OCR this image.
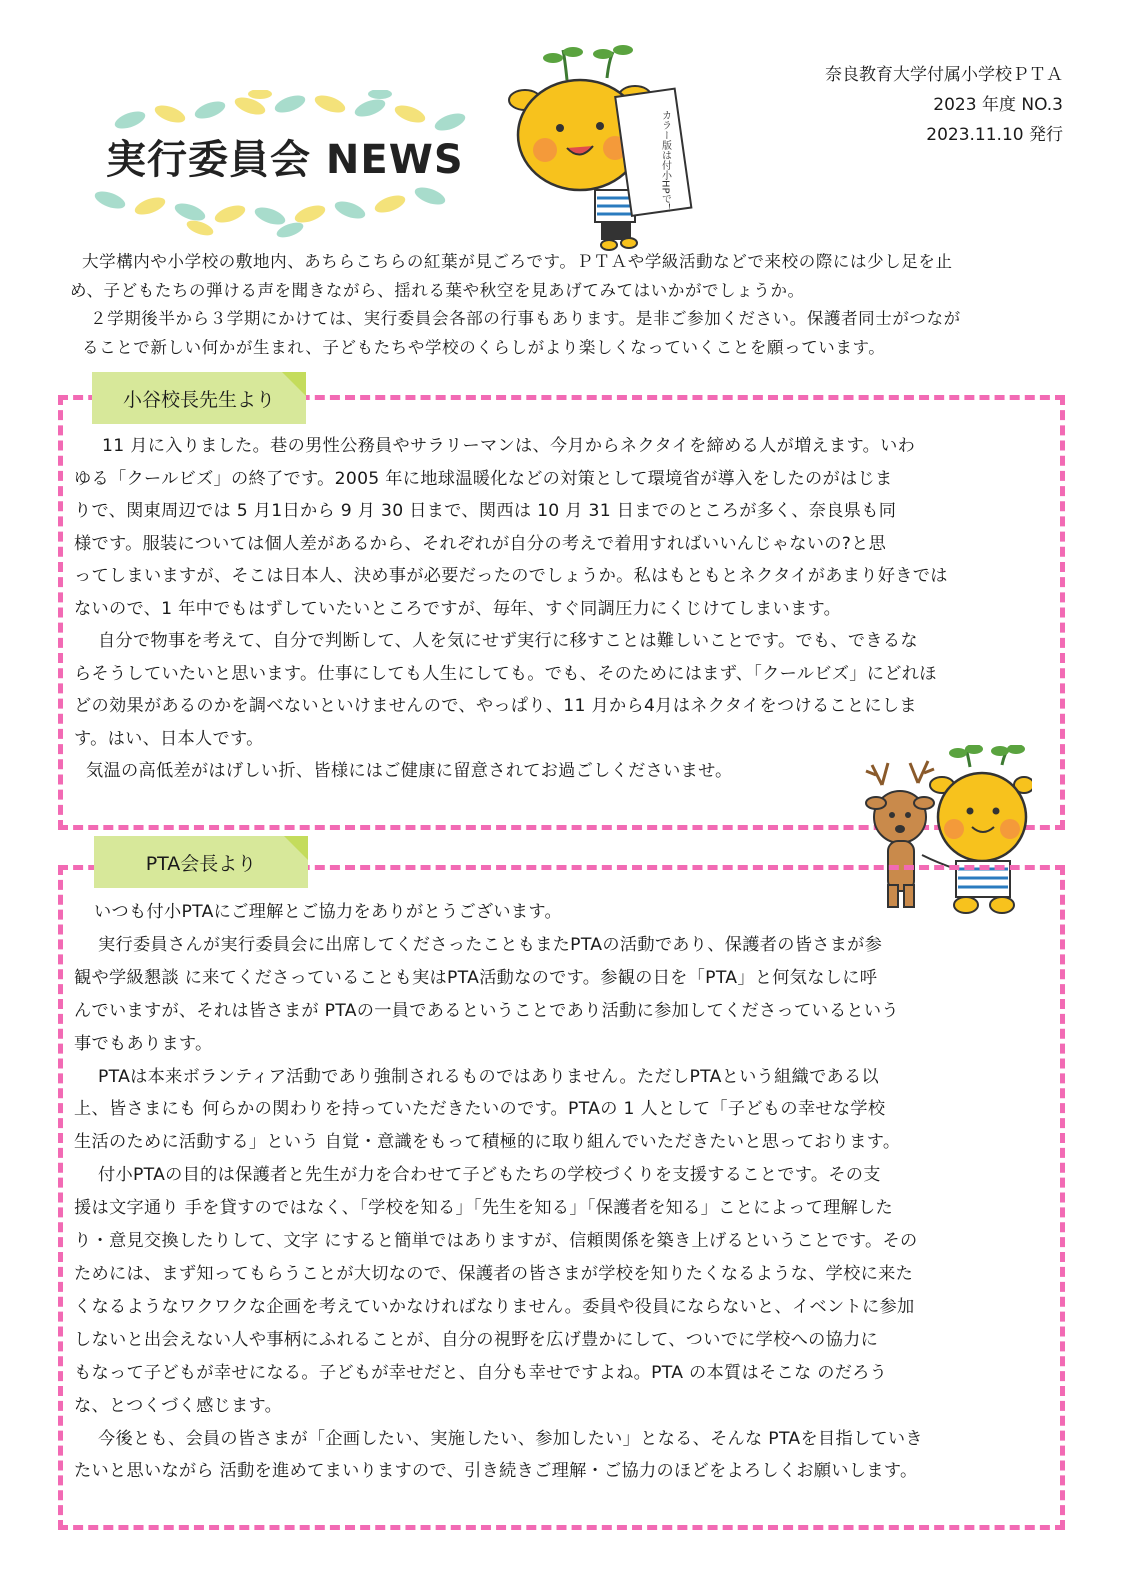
実行委員会 NEWS	カラー版は付小HPで！
奈良教育大学付属小学校ＰＴＡ
2023 年度 NO.3
2023.11.10 発行
大学構内や小学校の敷地内、あちらこちらの紅葉が見ごろです。ＰＴＡや学級活動などで来校の際には少し足を止
め、子どもたちの弾ける声を聞きながら、揺れる葉や秋空を見あげてみてはいかがでしょうか。
２学期後半から３学期にかけては、実行委員会各部の行事もあります。是非ご参加ください。保護者同士がつなが
ることで新しい何かが生まれ、子どもたちや学校のくらしがより楽しくなっていくことを願っています。
小谷校長先生より
11 月に入りました。巷の男性公務員やサラリーマンは、今月からネクタイを締める人が増えます。いわ
ゆる「クールビズ」の終了です。2005 年に地球温暖化などの対策として環境省が導入をしたのがはじま
りで、関東周辺では 5 月1日から 9 月 30 日まで、関西は 10 月 31 日までのところが多く、奈良県も同
様です。服装については個人差があるから、それぞれが自分の考えで着用すればいいんじゃないの?と思
ってしまいますが、そこは日本人、決め事が必要だったのでしょうか。私はもともとネクタイがあまり好きでは
ないので、1 年中でもはずしていたいところですが、毎年、すぐ同調圧力にくじけてしまいます。
自分で物事を考えて、自分で判断して、人を気にせず実行に移すことは難しいことです。でも、できるな
らそうしていたいと思います。仕事にしても人生にしても。でも、そのためにはまず、「クールビズ」にどれほ
どの効果があるのかを調べないといけませんので、やっぱり、11 月から4月はネクタイをつけることにしま
す。はい、日本人です。
気温の高低差がはげしい折、皆様にはご健康に留意されてお過ごしくださいませ。
PTA会長より
いつも付小PTAにご理解とご協力をありがとうございます。
実行委員さんが実行委員会に出席してくださったこともまたPTAの活動であり、保護者の皆さまが参
観や学級懇談 に来てくださっていることも実はPTA活動なのです。参観の日を「PTA」と何気なしに呼
んでいますが、それは皆さまが PTAの一員であるということであり活動に参加してくださっているという
事でもあります。
PTAは本来ボランティア活動であり強制されるものではありません。ただしPTAという組織である以
上、皆さまにも 何らかの関わりを持っていただきたいのです。PTAの 1 人として「子どもの幸せな学校
生活のために活動する」という 自覚・意識をもって積極的に取り組んでいただきたいと思っております。
付小PTAの目的は保護者と先生が力を合わせて子どもたちの学校づくりを支援することです。その支
援は文字通り 手を貸すのではなく、「学校を知る」「先生を知る」「保護者を知る」ことによって理解した
り・意見交換したりして、文字 にすると簡単ではありますが、信頼関係を築き上げるということです。その
ためには、まず知ってもらうことが大切なので、保護者の皆さまが学校を知りたくなるような、学校に来た
くなるようなワクワクな企画を考えていかなければなりません。委員や役員にならないと、イベントに参加
しないと出会えない人や事柄にふれることが、自分の視野を広げ豊かにして、ついでに学校への協力に
もなって子どもが幸せになる。子どもが幸せだと、自分も幸せですよね。PTA の本質はそこな のだろう
な、とつくづく感じます。
今後とも、会員の皆さまが「企画したい、実施したい、参加したい」となる、そんな PTAを目指していき
たいと思いながら 活動を進めてまいりますので、引き続きご理解・ご協力のほどをよろしくお願いします。
